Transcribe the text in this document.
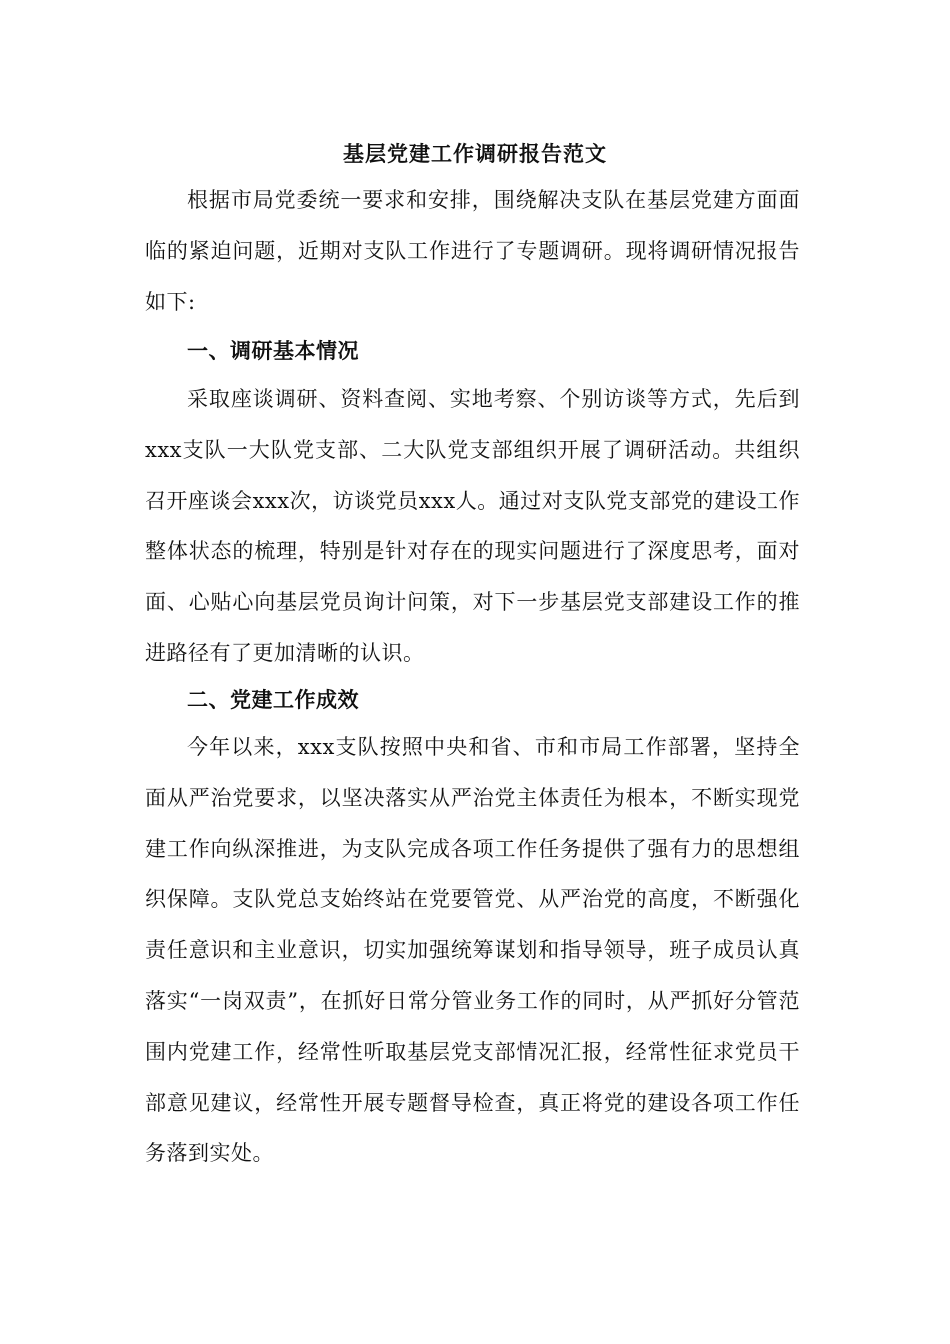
基层党建工作调研报告范文

根据市局党委统一要求和安排，围绕解决支队在基层党建方面面临的紧迫问题，近期对支队工作进行了专题调研。现将调研情况报告如下:

一、调研基本情况

采取座谈调研、资料查阅、实地考察、个别访谈等方式，先后到xxx支队一大队党支部、二大队党支部组织开展了调研活动。共组织召开座谈会xxx次，访谈党员xxx人。通过对支队党支部党的建设工作整体状态的梳理，特别是针对存在的现实问题进行了深度思考，面对面、心贴心向基层党员询计问策，对下一步基层党支部建设工作的推进路径有了更加清晰的认识。

二、党建工作成效

今年以来，xxx支队按照中央和省、市和市局工作部署，坚持全面从严治党要求，以坚决落实从严治党主体责任为根本，不断实现党建工作向纵深推进，为支队完成各项工作任务提供了强有力的思想组织保障。支队党总支始终站在党要管党、从严治党的高度，不断强化责任意识和主业意识，切实加强统筹谋划和指导领导，班子成员认真落实“一岗双责”，在抓好日常分管业务工作的同时，从严抓好分管范围内党建工作，经常性听取基层党支部情况汇报，经常性征求党员干部意见建议，经常性开展专题督导检查，真正将党的建设各项工作任务落到实处。
